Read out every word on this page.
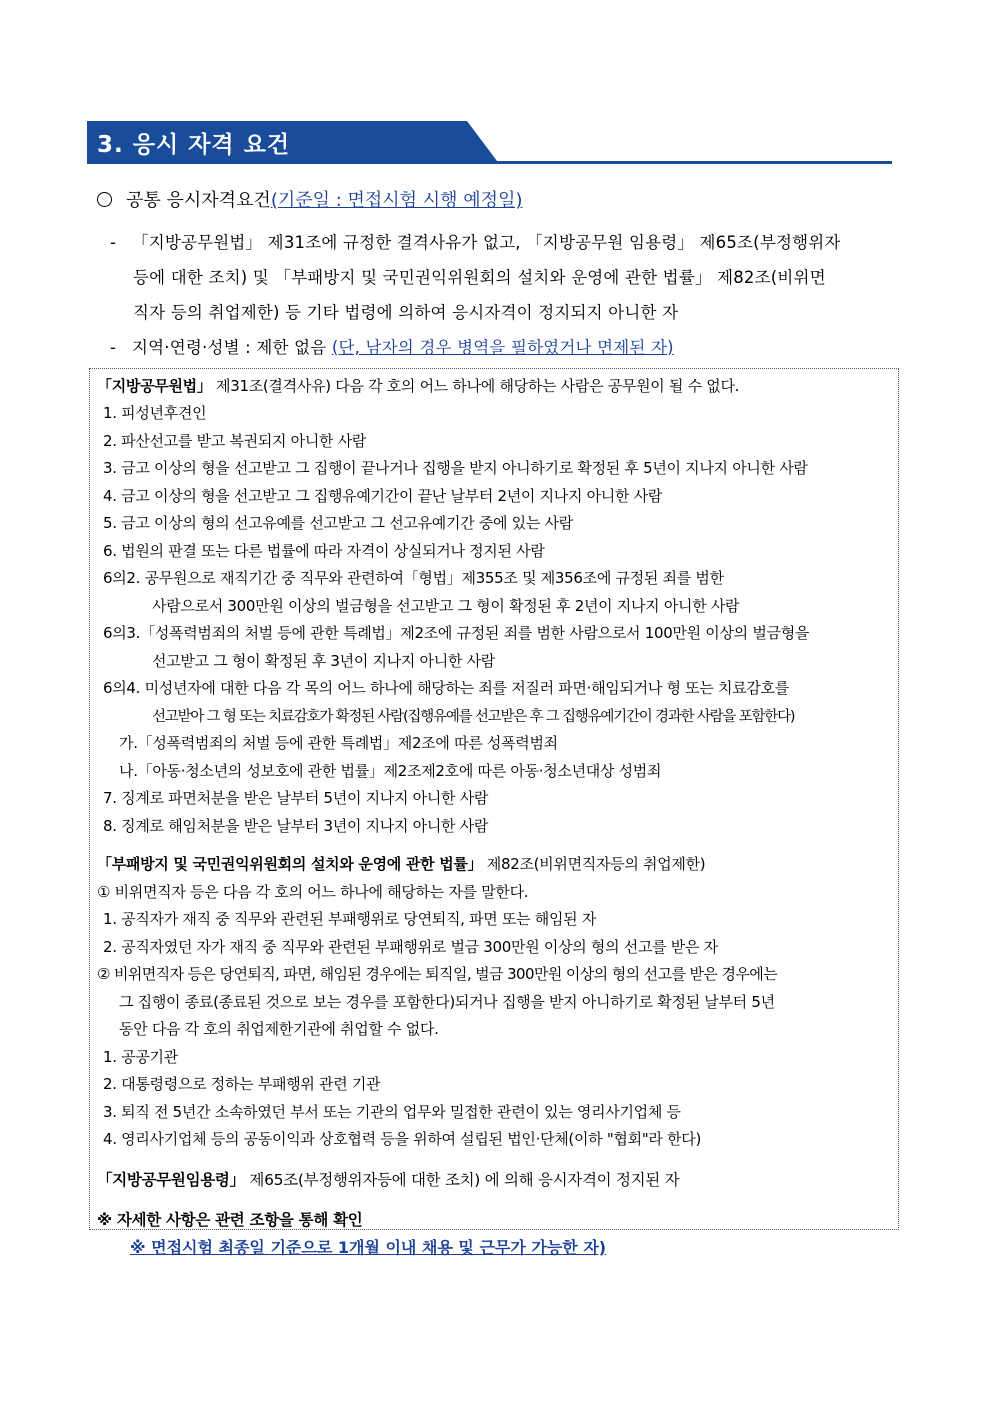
3. 응시 자격 요건
공통 응시자격요건(기준일 : 면접시험 시행 예정일)
- 「지방공무원법」 제31조에 규정한 결격사유가 없고, 「지방공무원 임용령」 제65조(부정행위자
등에 대한 조치) 및 「부패방지 및 국민권익위원회의 설치와 운영에 관한 법률」 제82조(비위면
직자 등의 취업제한) 등 기타 법령에 의하여 응시자격이 정지되지 아니한 자
- 지역·연령·성별 : 제한 없음 (단, 남자의 경우 병역을 필하였거나 면제된 자)
「지방공무원법」 제31조(결격사유) 다음 각 호의 어느 하나에 해당하는 사람은 공무원이 될 수 없다.
1. 피성년후견인
2. 파산선고를 받고 복권되지 아니한 사람
3. 금고 이상의 형을 선고받고 그 집행이 끝나거나 집행을 받지 아니하기로 확정된 후 5년이 지나지 아니한 사람
4. 금고 이상의 형을 선고받고 그 집행유예기간이 끝난 날부터 2년이 지나지 아니한 사람
5. 금고 이상의 형의 선고유예를 선고받고 그 선고유예기간 중에 있는 사람
6. 법원의 판결 또는 다른 법률에 따라 자격이 상실되거나 정지된 사람
6의2. 공무원으로 재직기간 중 직무와 관련하여「형법」제355조 및 제356조에 규정된 죄를 범한
사람으로서 300만원 이상의 벌금형을 선고받고 그 형이 확정된 후 2년이 지나지 아니한 사람
6의3.「성폭력범죄의 처벌 등에 관한 특례법」제2조에 규정된 죄를 범한 사람으로서 100만원 이상의 벌금형을
선고받고 그 형이 확정된 후 3년이 지나지 아니한 사람
6의4. 미성년자에 대한 다음 각 목의 어느 하나에 해당하는 죄를 저질러 파면·해임되거나 형 또는 치료감호를
선고받아 그 형 또는 치료감호가 확정된 사람(집행유예를 선고받은 후 그 집행유예기간이 경과한 사람을 포함한다)
가.「성폭력범죄의 처벌 등에 관한 특례법」제2조에 따른 성폭력범죄
나.「아동·청소년의 성보호에 관한 법률」제2조제2호에 따른 아동·청소년대상 성범죄
7. 징계로 파면처분을 받은 날부터 5년이 지나지 아니한 사람
8. 징계로 해임처분을 받은 날부터 3년이 지나지 아니한 사람
「부패방지 및 국민권익위원회의 설치와 운영에 관한 법률」 제82조(비위면직자등의 취업제한)
① 비위면직자 등은 다음 각 호의 어느 하나에 해당하는 자를 말한다.
1. 공직자가 재직 중 직무와 관련된 부패행위로 당연퇴직, 파면 또는 해임된 자
2. 공직자였던 자가 재직 중 직무와 관련된 부패행위로 벌금 300만원 이상의 형의 선고를 받은 자
② 비위면직자 등은 당연퇴직, 파면, 해임된 경우에는 퇴직일, 벌금 300만원 이상의 형의 선고를 받은 경우에는
그 집행이 종료(종료된 것으로 보는 경우를 포함한다)되거나 집행을 받지 아니하기로 확정된 날부터 5년
동안 다음 각 호의 취업제한기관에 취업할 수 없다.
1. 공공기관
2. 대통령령으로 정하는 부패행위 관련 기관
3. 퇴직 전 5년간 소속하였던 부서 또는 기관의 업무와 밀접한 관련이 있는 영리사기업체 등
4. 영리사기업체 등의 공동이익과 상호협력 등을 위하여 설립된 법인·단체(이하 "협회"라 한다)
「지방공무원임용령」 제65조(부정행위자등에 대한 조치) 에 의해 응시자격이 정지된 자
※ 자세한 사항은 관련 조항을 통해 확인
※ 면접시험 최종일 기준으로 1개월 이내 채용 및 근무가 가능한 자)
